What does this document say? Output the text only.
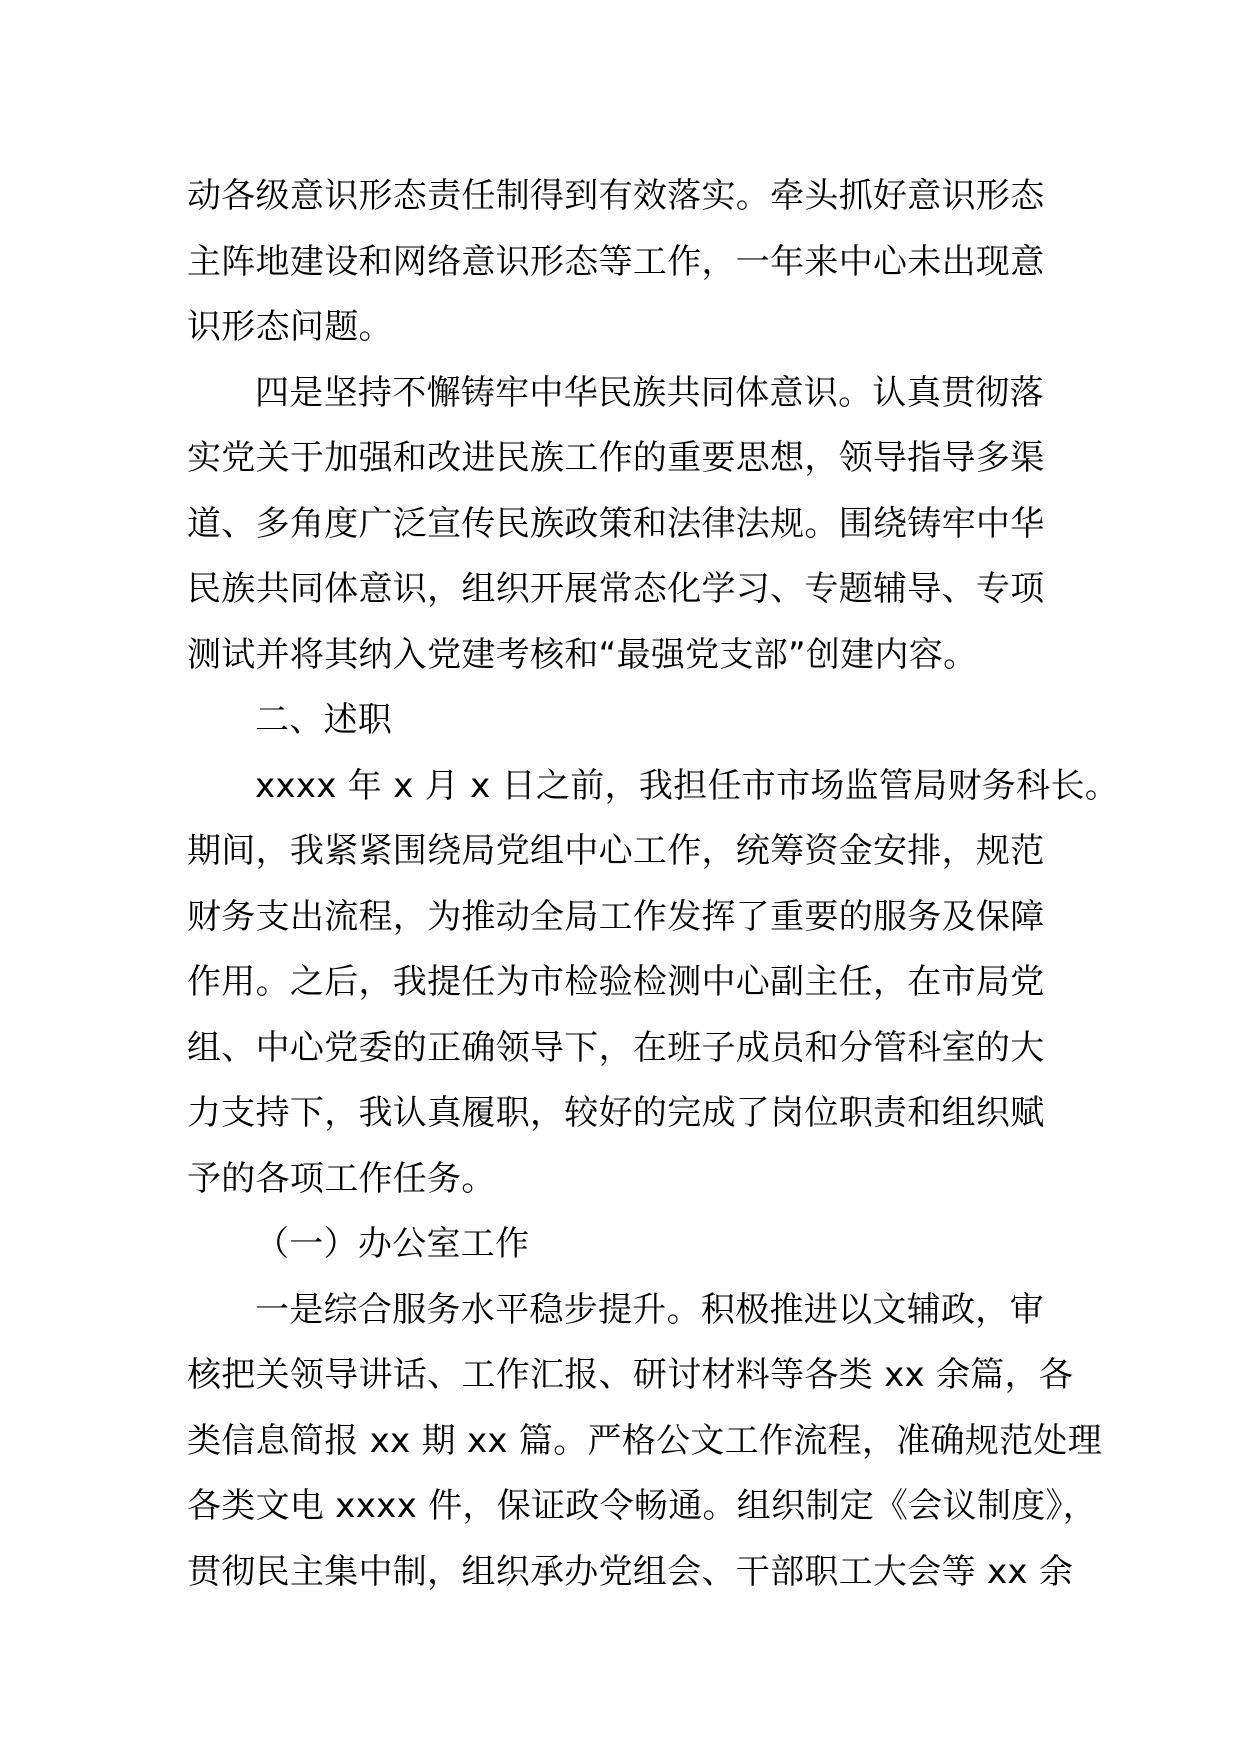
动各级意识形态责任制得到有效落实。牵头抓好意识形态
主阵地建设和网络意识形态等工作，一年来中心未出现意
识形态问题。
四是坚持不懈铸牢中华民族共同体意识。认真贯彻落
实党关于加强和改进民族工作的重要思想，领导指导多渠
道、多角度广泛宣传民族政策和法律法规。围绕铸牢中华
民族共同体意识，组织开展常态化学习、专题辅导、专项
测试并将其纳入党建考核和“最强党支部”创建内容。
二、述职
xxxx 年 x 月 x 日之前，我担任市市场监管局财务科长。
期间，我紧紧围绕局党组中心工作，统筹资金安排，规范
财务支出流程，为推动全局工作发挥了重要的服务及保障
作用。之后，我提任为市检验检测中心副主任，在市局党
组、中心党委的正确领导下，在班子成员和分管科室的大
力支持下，我认真履职，较好的完成了岗位职责和组织赋
予的各项工作任务。
（一）办公室工作
一是综合服务水平稳步提升。积极推进以文辅政，审
核把关领导讲话、工作汇报、研讨材料等各类 xx 余篇，各
类信息简报 xx 期 xx 篇。严格公文工作流程，准确规范处理
各类文电 xxxx 件，保证政令畅通。组织制定《会议制度》，
贯彻民主集中制，组织承办党组会、干部职工大会等 xx 余
